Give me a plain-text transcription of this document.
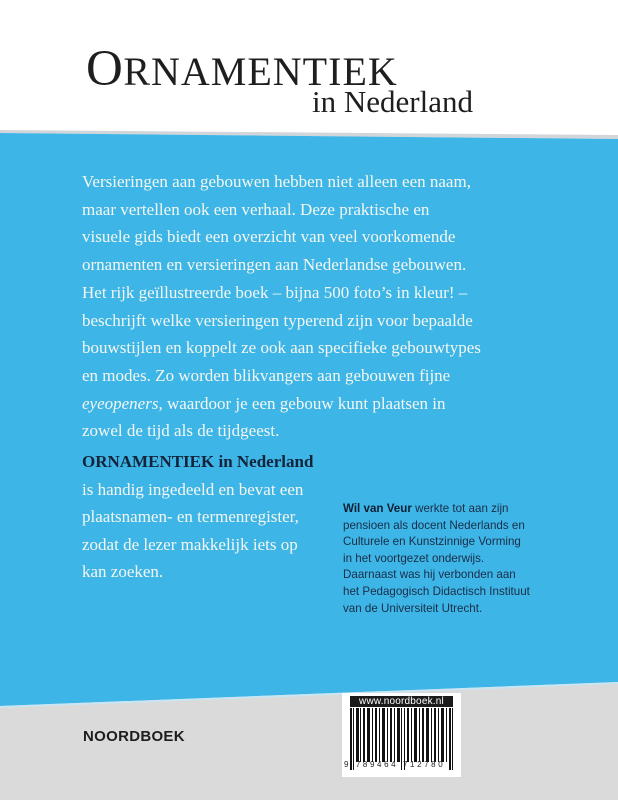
ORNAMENTIEK
in Nederland
Versieringen aan gebouwen hebben niet alleen een naam,
maar vertellen ook een verhaal. Deze praktische en
visuele gids biedt een overzicht van veel voorkomende
ornamenten en versieringen aan Nederlandse gebouwen.
Het rijk geïllustreerde boek – bijna 500 foto’s in kleur! –
beschrijft welke versieringen typerend zijn voor bepaalde
bouwstijlen en koppelt ze ook aan specifieke gebouwtypes
en modes. Zo worden blikvangers aan gebouwen fijne
eyeopeners, waardoor je een gebouw kunt plaatsen in
zowel de tijd als de tijdgeest.
ORNAMENTIEK in Nederland
is handig ingedeeld en bevat een
plaatsnamen- en termenregister,
zodat de lezer makkelijk iets op
kan zoeken.
Wil van Veur werkte tot aan zijn
pensioen als docent Nederlands en
Culturele en Kunstzinnige Vorming
in het voortgezet onderwijs.
Daarnaast was hij verbonden aan
het Pedagogisch Didactisch Instituut
van de Universiteit Utrecht.
NOORDBOEK
www.noordboek.nl
9 789464 712780
